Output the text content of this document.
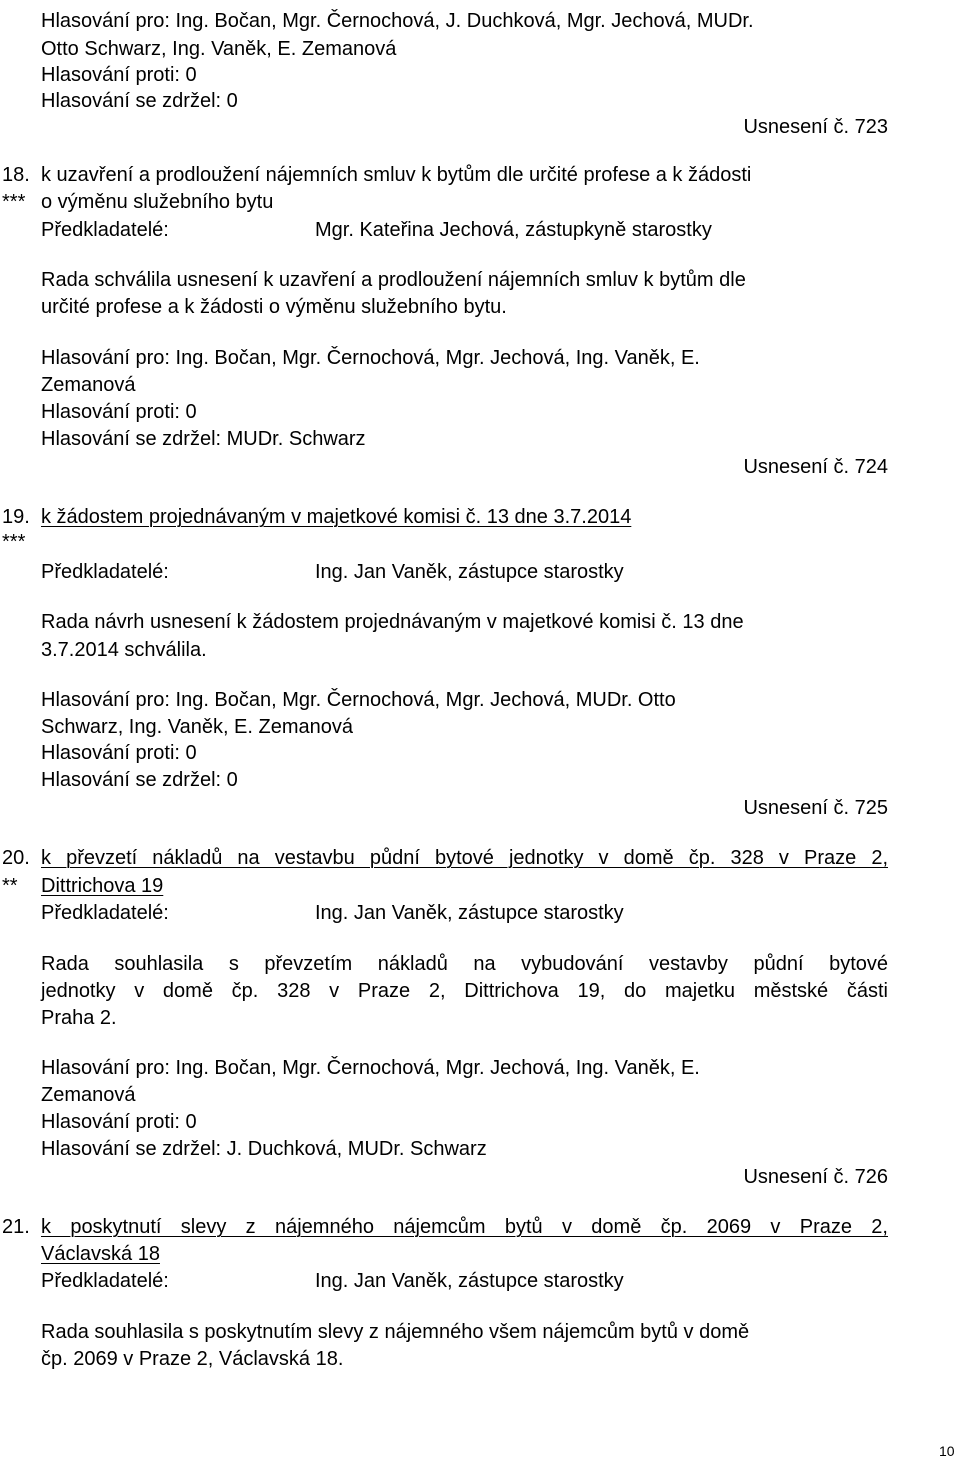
Hlasování pro: Ing. Bočan, Mgr. Černochová, J. Duchková, Mgr. Jechová, MUDr.
Otto Schwarz, Ing. Vaněk, E. Zemanová
Hlasování proti: 0
Hlasování se zdržel: 0
Usnesení č. 723
18. k uzavření a prodloužení nájemních smluv k bytům dle určité profese a k žádosti
*** o výměnu služebního bytu
Předkladatelé:	Mgr. Kateřina Jechová, zástupkyně starostky
Rada schválila usnesení k uzavření a prodloužení nájemních smluv k bytům dle
určité profese a k žádosti o výměnu služebního bytu.
Hlasování pro: Ing. Bočan, Mgr. Černochová, Mgr. Jechová, Ing. Vaněk, E.
Zemanová
Hlasování proti: 0
Hlasování se zdržel: MUDr. Schwarz
Usnesení č. 724
19. k žádostem projednávaným v majetkové komisi č. 13 dne 3.7.2014
***
Předkladatelé:	Ing. Jan Vaněk, zástupce starostky
Rada návrh usnesení k žádostem projednávaným v majetkové komisi č. 13 dne
3.7.2014 schválila.
Hlasování pro: Ing. Bočan, Mgr. Černochová, Mgr. Jechová, MUDr. Otto
Schwarz, Ing. Vaněk, E. Zemanová
Hlasování proti: 0
Hlasování se zdržel: 0
Usnesení č. 725
20. k převzetí nákladů na vestavbu půdní bytové jednotky v domě čp. 328 v Praze 2,
** Dittrichova 19
Předkladatelé:	Ing. Jan Vaněk, zástupce starostky
Rada souhlasila s převzetím nákladů na vybudování vestavby půdní bytové
jednotky v domě čp. 328 v Praze 2, Dittrichova 19, do majetku městské části
Praha 2.
Hlasování pro: Ing. Bočan, Mgr. Černochová, Mgr. Jechová, Ing. Vaněk, E.
Zemanová
Hlasování proti: 0
Hlasování se zdržel: J. Duchková, MUDr. Schwarz
Usnesení č. 726
21. k poskytnutí slevy z nájemného nájemcům bytů v domě čp. 2069 v Praze 2,
Václavská 18
Předkladatelé:	Ing. Jan Vaněk, zástupce starostky
Rada souhlasila s poskytnutím slevy z nájemného všem nájemcům bytů v domě
čp. 2069 v Praze 2, Václavská 18.
10
